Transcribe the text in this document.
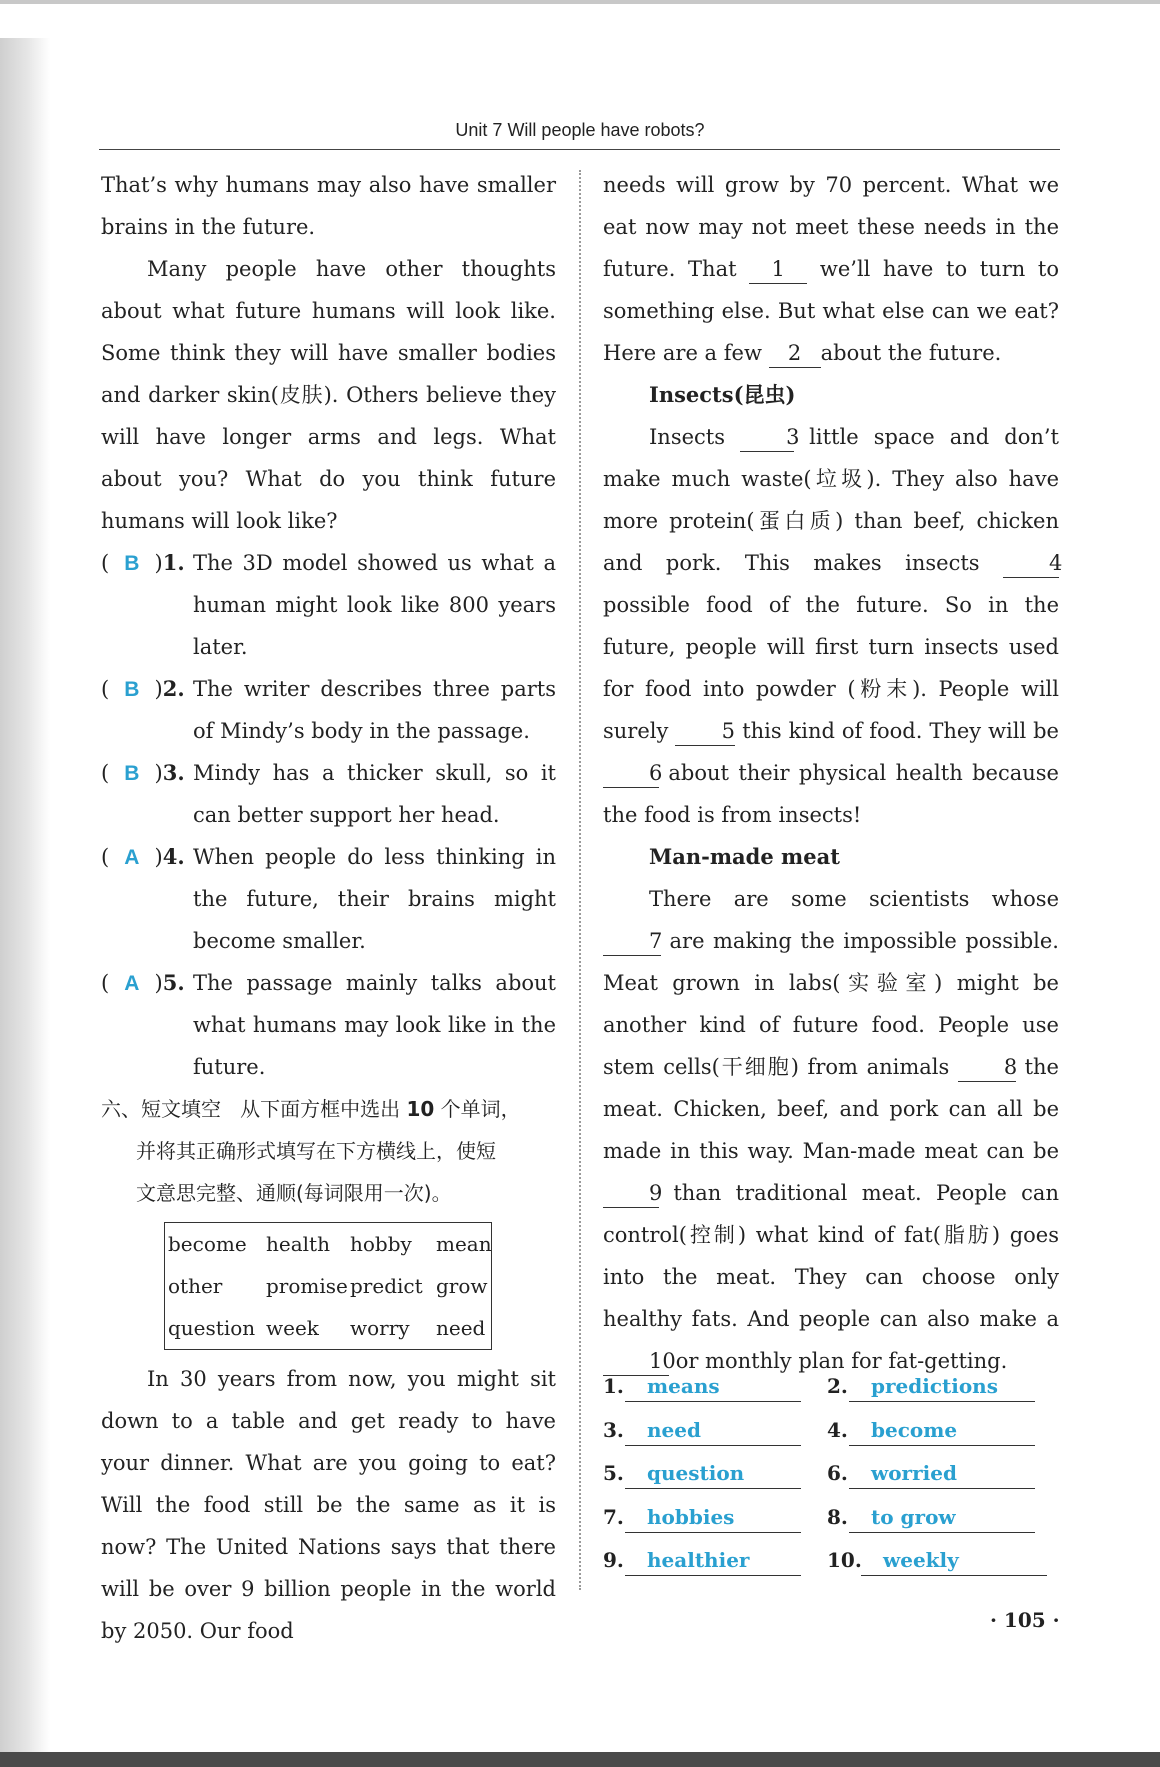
Unit 7 Will people have robots?

That’s why humans may also have smaller brains in the future.

Many people have other thoughts about what future humans will look like. Some think they will have smaller bodies and darker skin(皮肤). Others believe they will have longer arms and legs. What about you? What do you think future humans will look like?

( B )1. The 3D model showed us what a human might look like 800 years later.
( B )2. The writer describes three parts of Mindy’s body in the passage.
( B )3. Mindy has a thicker skull, so it can better support her head.
( A )4. When people do less thinking in the future, their brains might become smaller.
( A )5. The passage mainly talks about what humans may look like in the future.
六、短文填空 从下面方框中选出 10 个单词，
并将其正确形式填写在下方横线上，使短
文意思完整、通顺(每词限用一次)。
become health	hobby	mean
other	promise predict grow
question week	worry	need

In 30 years from now, you might sit down to a table and get ready to have your dinner. What are you going to eat? Will the food still be the same as it is now? The United Nations says that there will be over 9 billion people in the world by 2050. Our food

needs will grow by 70 percent. What we eat now may not meet these needs in the future. That 1 we’ll have to turn to something else. But what else can we eat? Here are a few 2 about the future.

Insects(昆虫)

Insects	3 little space and don’t make much waste(垃圾). They also have more protein(蛋白质) than beef, chicken and pork. This makes insects	4 possible food of the future. So in the future, people will first turn insects used for food into powder (粉末). People will surely	5 this kind of food. They will be 6 about their physical health because the food is from insects!

Man-made meat

There are some scientists whose 7 are making the impossible possible. Meat grown in labs(实验室) might be another kind of future food. People use stem cells(干细胞) from animals	8 the meat. Chicken, beef, and pork can all be made in this way. Man-made meat can be 9 than traditional meat. People can control(控制) what kind of fat(脂肪) goes into the meat. They can choose only healthy fats. And people can also make a 10 or monthly plan for fat-getting.

1.	means	2.	predictions
3.	need	4.	become
5.	question	6.	worried
7.	hobbies	8.	to grow
9.	healthier	10.	weekly
· 105 ·
